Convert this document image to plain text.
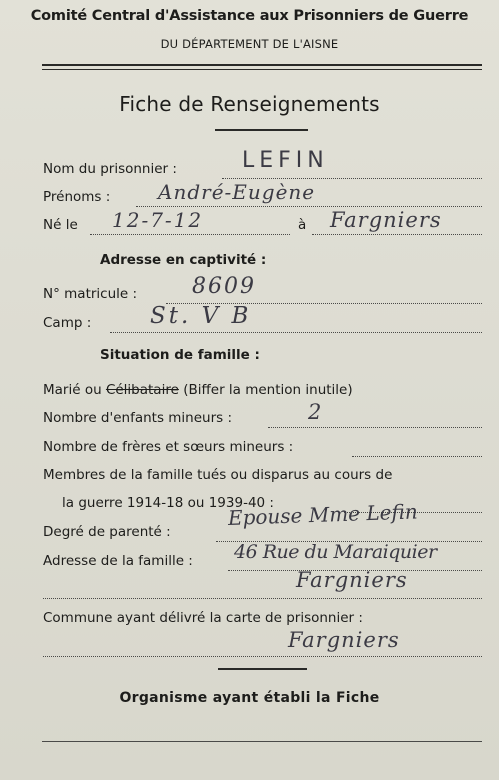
Comité Central d'Assistance aux Prisonniers de Guerre
DU DÉPARTEMENT DE L'AISNE
Fiche de Renseignements
Nom du prisonnier :	LEFIN
Prénoms : André-Eugène
Né le 12-7-12	à Fargniers
Adresse en captivité :
N° matricule : 8609
Camp :	St. V B
Situation de famille :
Marié ou Célibataire (Biffer la mention inutile)
Nombre d'enfants mineurs :	2
Nombre de frères et sœurs mineurs :
Membres de la famille tués ou disparus au cours de
la guerre 1914-18 ou 1939-40 :
Degré de parenté :
Epouse Mme Lefin
Adresse de la famille : 46 Rue du Maraiquier
Fargniers
Commune ayant délivré la carte de prisonnier :
Fargniers
Organisme ayant établi la Fiche
